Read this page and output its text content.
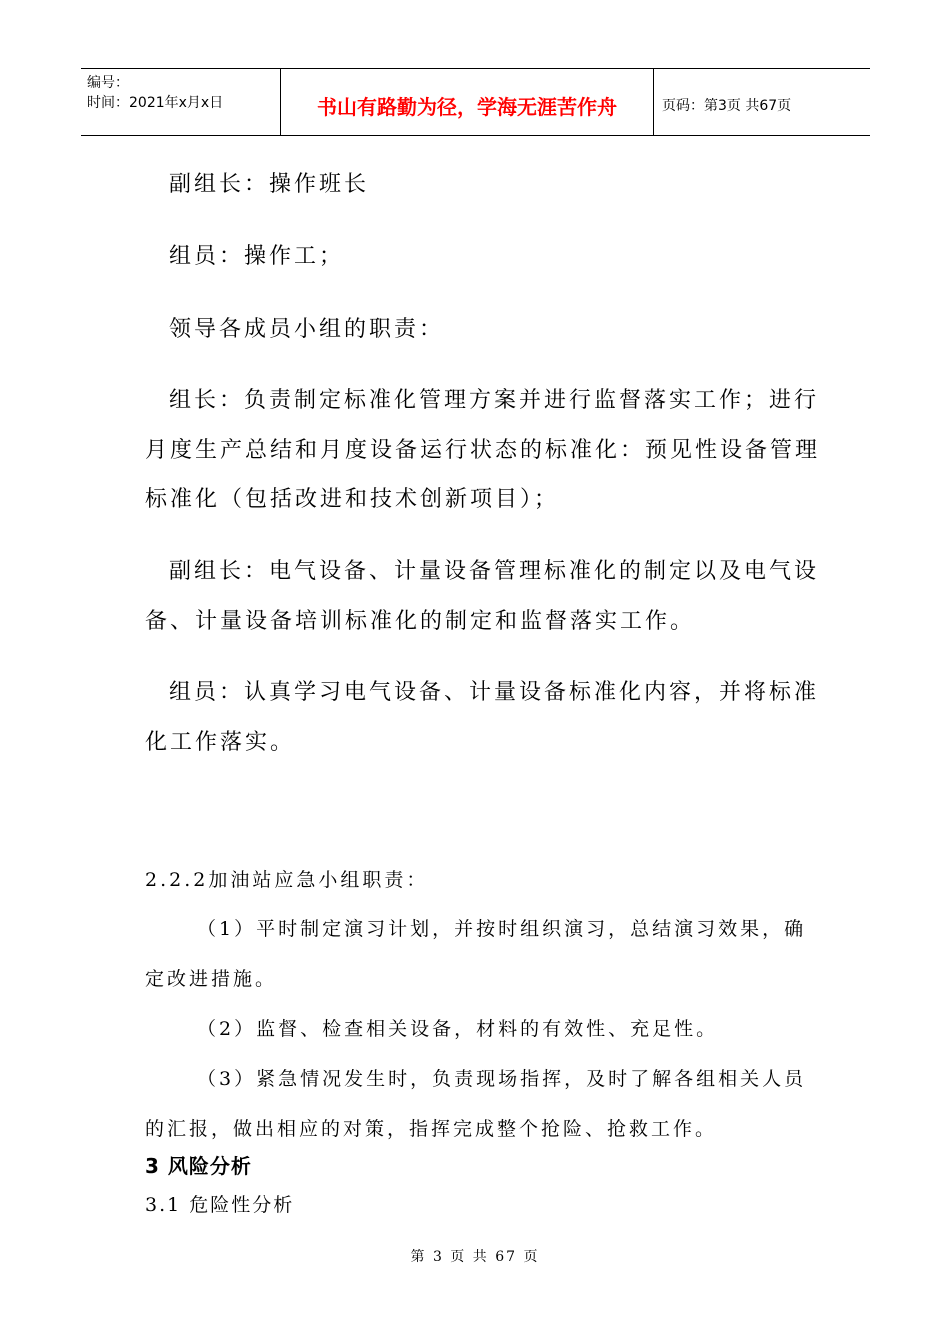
编号：
时间：2021年x月x日	书山有路勤为径，学海无涯苦作舟	页码：第3页 共67页
副组长：操作班长
组员：操作工；
领导各成员小组的职责：
组长：负责制定标准化管理方案并进行监督落实工作；进行
月度生产总结和月度设备运行状态的标准化：预见性设备管理
标准化（包括改进和技术创新项目）；
副组长：电气设备、计量设备管理标准化的制定以及电气设
备、计量设备培训标准化的制定和监督落实工作。
组员：认真学习电气设备、计量设备标准化内容，并将标准
化工作落实。
2.2.2加油站应急小组职责：
（1）平时制定演习计划，并按时组织演习，总结演习效果，确
定改进措施。
（2）监督、检查相关设备，材料的有效性、充足性。
（3）紧急情况发生时，负责现场指挥，及时了解各组相关人员
的汇报，做出相应的对策，指挥完成整个抢险、抢救工作。
3 风险分析
3.1 危险性分析
第 3 页 共 67 页
